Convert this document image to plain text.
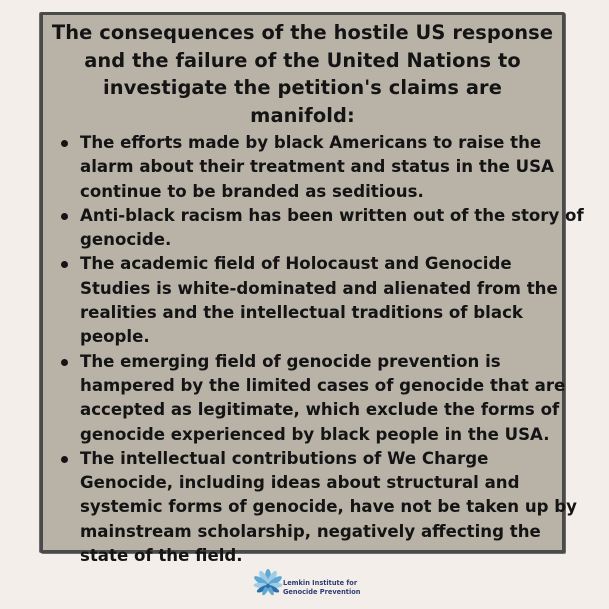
The consequences of the hostile US response and the failure of the United Nations to investigate the petition's claims are manifold:
The efforts made by black Americans to raise the alarm about their treatment and status in the USA continue to be branded as seditious.
Anti-black racism has been written out of the story of genocide.
The academic field of Holocaust and Genocide Studies is white-dominated and alienated from the realities and the intellectual traditions of black people.
The emerging field of genocide prevention is hampered by the limited cases of genocide that are accepted as legitimate, which exclude the forms of genocide experienced by black people in the USA.
The intellectual contributions of We Charge Genocide, including ideas about structural and systemic forms of genocide, have not be taken up by mainstream scholarship, negatively affecting the state of the field.

Lemkin Institute for
Genocide Prevention
